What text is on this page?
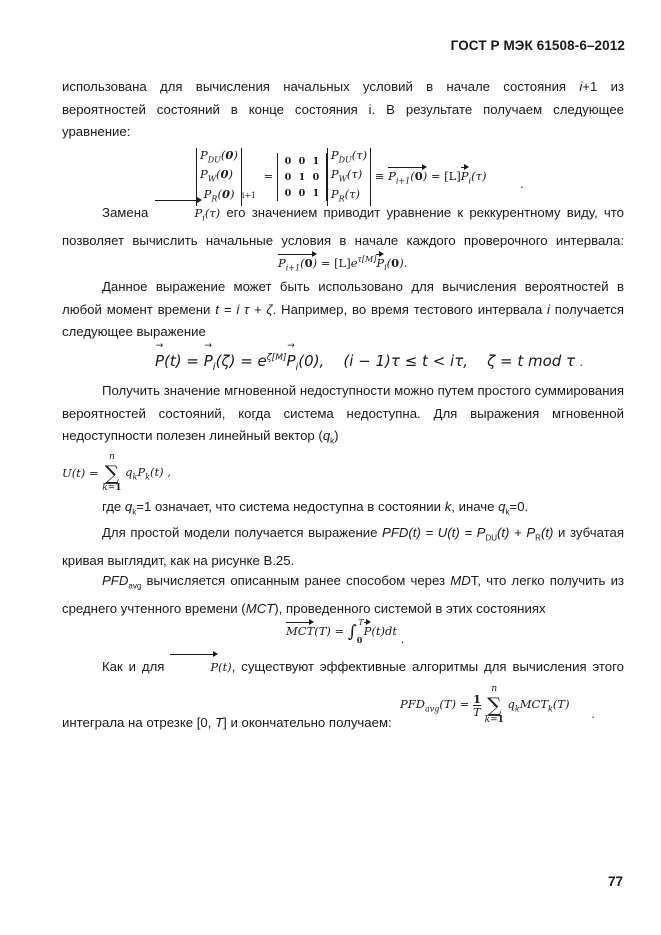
ГОСТ Р МЭК 61508-6–2012
использована для вычисления начальных условий в начале состояния i+1 из вероятностей состояний в конце состояния i. В результате получаем следующее уравнение:
$P_{DU}(0)$
$P_W(0)$
$P_R(0) _{i+1}$  =
0 0 1
0 1 0
0 0 1
$P_{DU}(\tau)$
$P_W(\tau)$
$P_R(\tau)$
≡ $P_{i+1}(0) = [L]P_i(\tau)$ .
Замена	$P_i(\tau)$ его значением приводит уравнение к реккурентному виду, что позволяет вычислить начальные условия в начале каждого проверочного интервала:
$P_{i+1}(0) = [L]e^{\tau[M]}P_i(0)$.
Данное выражение может быть использовано для вычисления вероятностей в любой момент времени t = i τ + ζ. Например, во время тестового интервала i получается следующее выражение
→ P(t) = → $P_i(\zeta) = e^{\zeta[M]}\to P_i(0)$,    (i − 1)τ ≤ t < iτ,    ζ = t mod τ .
Получить значение мгновенной недоступности можно путем простого суммирования вероятностей состояний, когда система недоступна. Для выражения мгновенной недоступности полезен линейный вектор $(q_k)$
U(t) =
n
∑
k=1
$q_kP_k(t)$ ,
где $q_k=1$ означает, что система недоступна в состоянии k, иначе $q_k=0$.
Для простой модели получается выражение $PFD(t) = U(t) = P_{DU}(t) + P_R(t)$ и зубчатая кривая выглядит, как на рисунке B.25.
$PFD_{avg}$ вычисляется описанным ранее способом через MDT, что легко получить из среднего учтенного времени (MCT), проведенного системой в этих состояниях
$MCT(T) = \int_0^TP(t)dt$ .
Как и для	P(t), существуют эффективные алгоритмы для вычисления этого
$PFD_{avg}(T) = \frac{1}{T}$

n
∑
k=1
$q_kMCT_k(T)$ .
интеграла на отрезке [0, T] и окончательно получаем:
77
